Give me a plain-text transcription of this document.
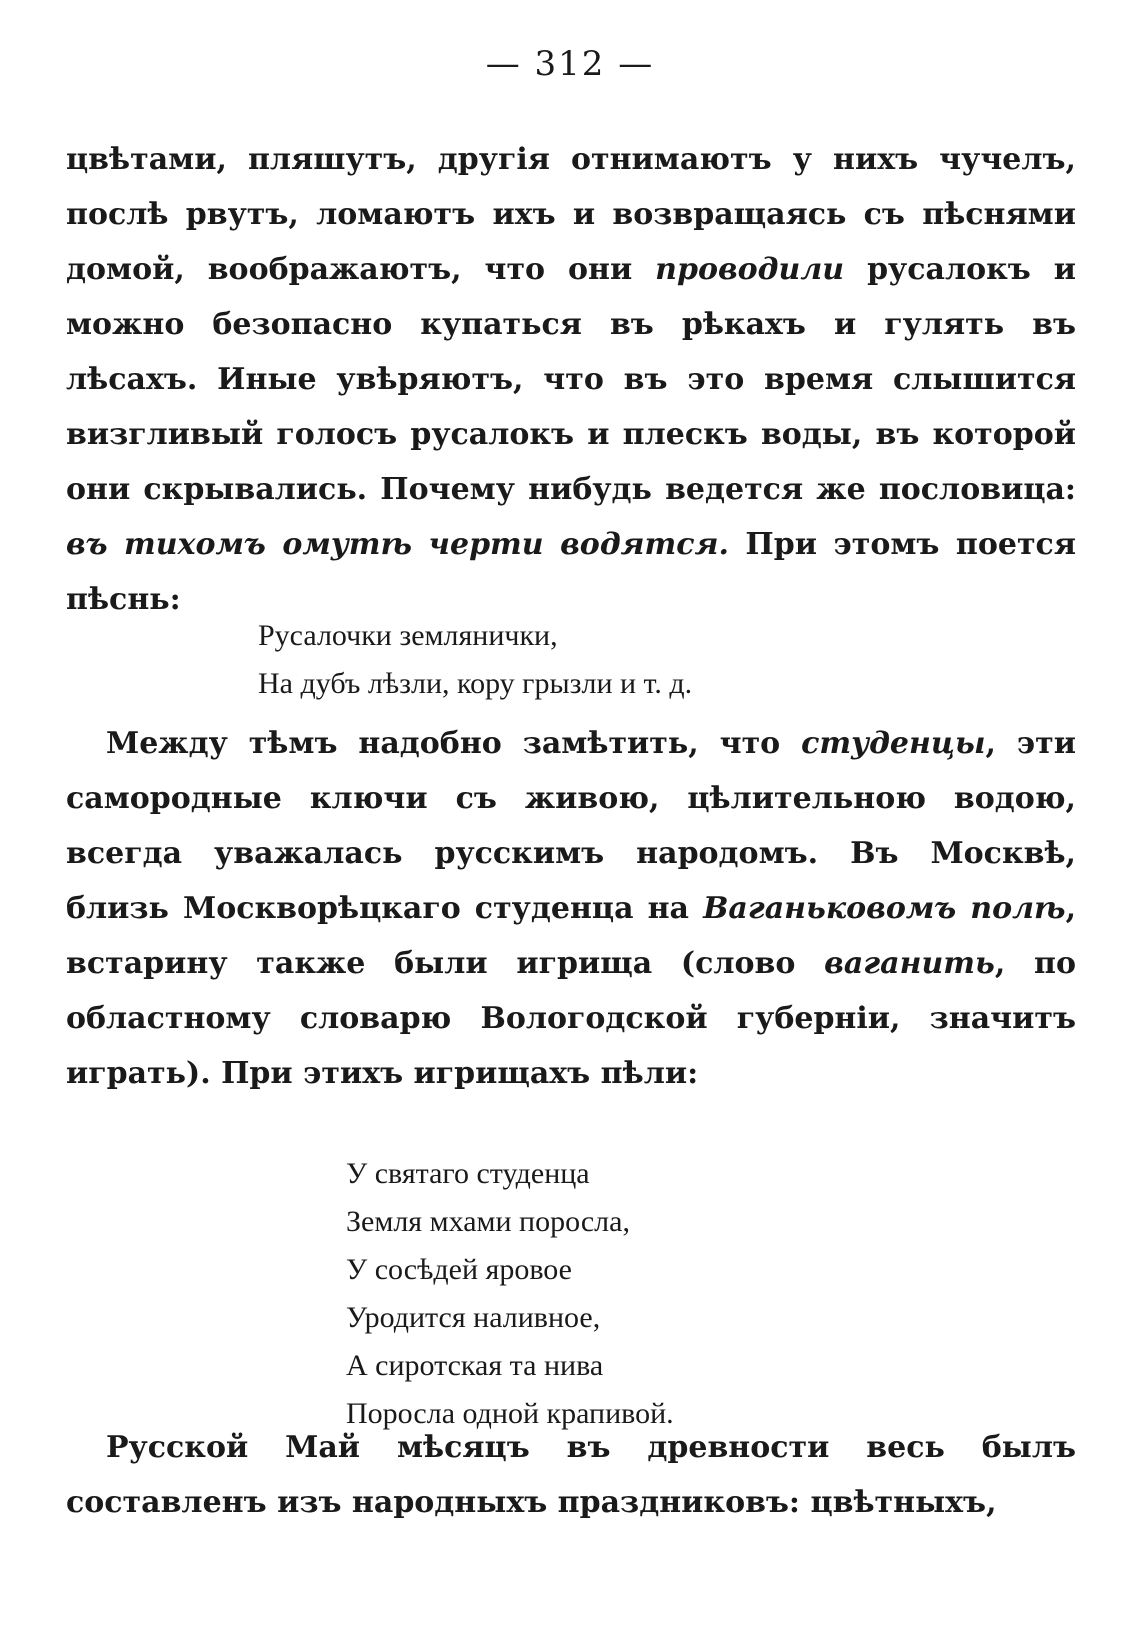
— 312 —
цвѣтами, пляшутъ, другія отнимаютъ у нихъ чучелъ, послѣ рвутъ, ломаютъ ихъ и возвращаясь съ пѣснями домой, воображаютъ, что они проводили русалокъ и можно безопасно купаться въ рѣкахъ и гулять въ лѣсахъ. Иные увѣряютъ, что въ это время слышится визгливый голосъ русалокъ и плескъ воды, въ которой они скрывались. Почему нибудь ведется же пословица: въ тихомъ омутѣ черти водятся. При этомъ поется пѣснь:
Русалочки землянички,
На дубъ лѣзли, кору грызли и т. д.
Между тѣмъ надобно замѣтить, что студенцы, эти самородные ключи съ живою, цѣлительною водою, всегда уважалась русскимъ народомъ. Въ Москвѣ, близь Москворѣцкаго студенца на Ваганьковомъ полѣ, встарину также были игрища (слово ваганить, по областному словарю Вологодской губерніи, значитъ играть). При этихъ игрищахъ пѣли:
У святаго студенца
Земля мхами поросла,
У сосѣдей яровое
Уродится наливное,
А сиротская та нива
Поросла одной крапивой.
Русской Май мѣсяцъ въ древности весь былъ составленъ изъ народныхъ праздниковъ: цвѣтныхъ,
